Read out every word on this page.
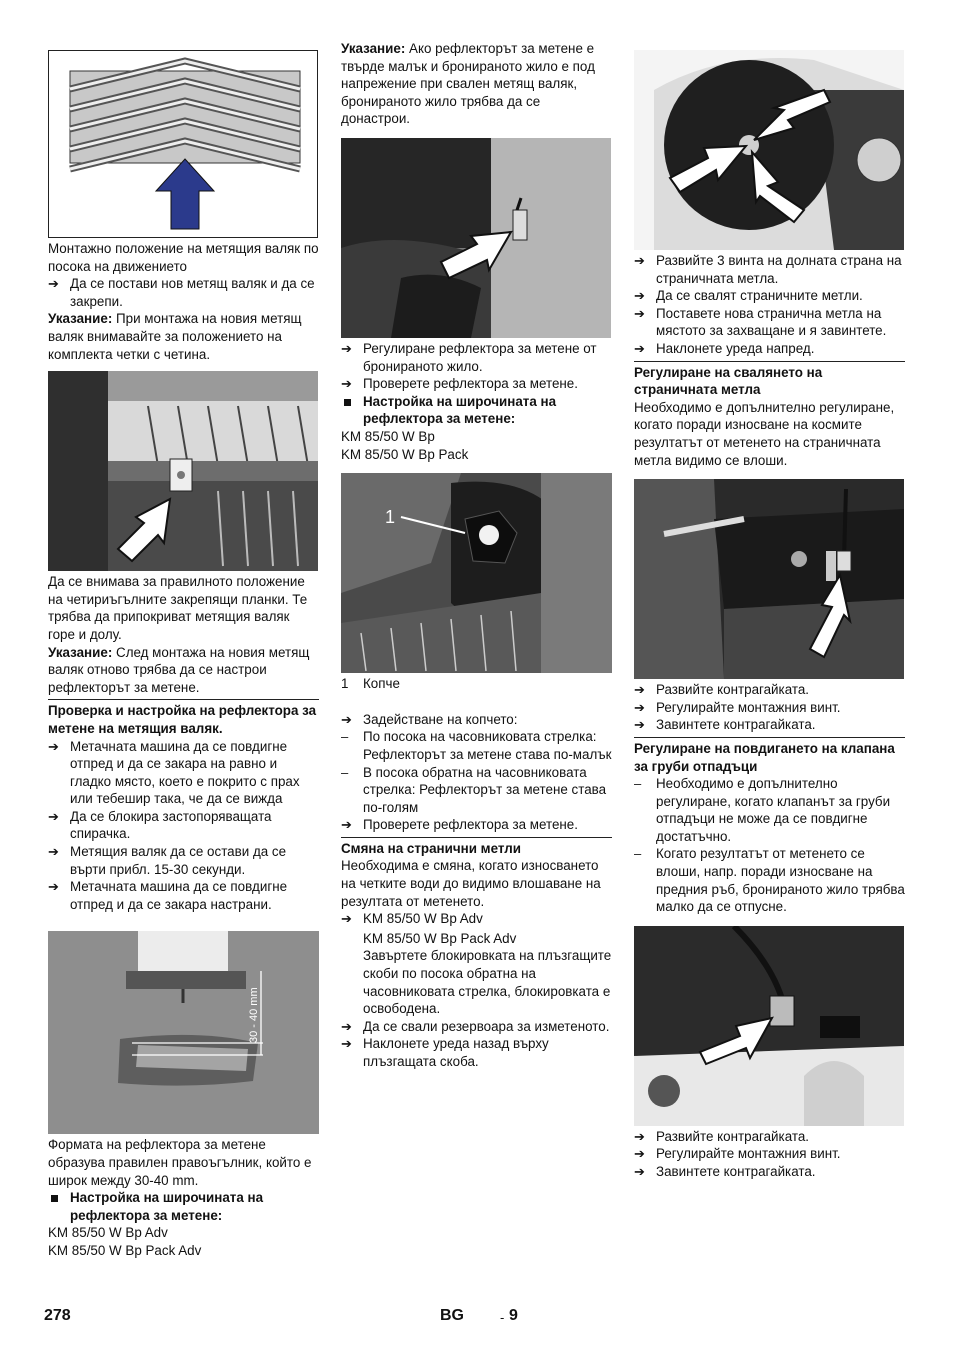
Монтажно положение на метящия валяк по посока на движението

➔ Да се постави нов метящ валяк и да се закрепи.

Указание: При монтажа на новия метящ валяк внимавайте за положението на комплекта четки с четина.

Да се внимава за правилното положение на четириъгълните закрепящи планки. Те трябва да припокриват метящия валяк горе и долу.

Указание: След монтажа на новия метящ валяк отново трябва да се настрои рефлекторът за метене.

Проверка и настройка на рефлектора за метене на метящия валяк.

➔ Метачната машина да се повдигне отпред и да се закара на равно и гладко място, което е покрито с прах или тебешир така, че да се вижда
➔ Да се блокира застопоряващата спирачка.
➔ Метящия валяк да се остави да се върти прибл. 15-30 секунди.
➔ Метачната машина да се повдигне отпред и да се закара настрани.
30 - 40 mm

Формата на рефлектора за метене образува правилен правоъгълник, който е широк между 30-40 mm.

Настройка на широчината на рефлектора за метене:

KM 85/50 W Bp Adv

KM 85/50 W Bp Pack Adv

Указание: Ако рефлекторът за метене е твърде малък и бронираното жило е под напрежение при свален метящ валяк, бронираното жило трябва да се донастрои.

➔ Регулиране рефлектора за метене от бронираното жило.
➔ Проверете рефлектора за метене.
Настройка на широчината на рефлектора за метене:

KM 85/50 W Bp

KM 85/50 W Bp Pack

1
1	Копче
➔ Задействане на копчето:
–	По посока на часовниковата стрелка: Рефлекторът за метене става по-малък
–	В посока обратна на часовниковата стрелка: Рефлекторът за метене става по-голям
➔ Проверете рефлектора за метене.

Смяна на странични метли

Необходима е смяна, когато износването на четките води до видимо влошаване на резултата от метенето.

➔ KM 85/50 W Bp Adv

KM 85/50 W Bp Pack Adv

Завъртете блокировката на плъзгащите скоби по посока обратна на часовниковата стрелка, блокировката е освободена.

➔ Да се свали резервоара за изметеното.
➔ Наклонете уреда назад върху плъзгащата скоба.
➔ Развийте 3 винта на долната страна на страничната метла.
➔ Да се свалят страничните метли.
➔ Поставете нова странична метла на мястото за захващане и я завинтете.
➔ Наклонете уреда напред.

Регулиране на свалянето на страничната метла

Необходимо е допълнително регулиране, когато поради износване на космите резултатът от метенето на страничната метла видимо се влоши.

➔ Развийте контрагайката.
➔ Регулирайте монтажния винт.
➔ Завинтете контрагайката.

Регулиране на повдигането на клапана за груби отпадъци

–	Необходимо е допълнително регулиране, когато клапанът за груби отпадъци не може да се повдигне достатъчно.
–	Когато резултатът от метенето се влоши, напр. поради износване на предния ръб, бронираното жило трябва малко да се отпусне.
➔ Развийте контрагайката.
➔ Регулирайте монтажния винт.
➔ Завинтете контрагайката.
278	BG	- 9
